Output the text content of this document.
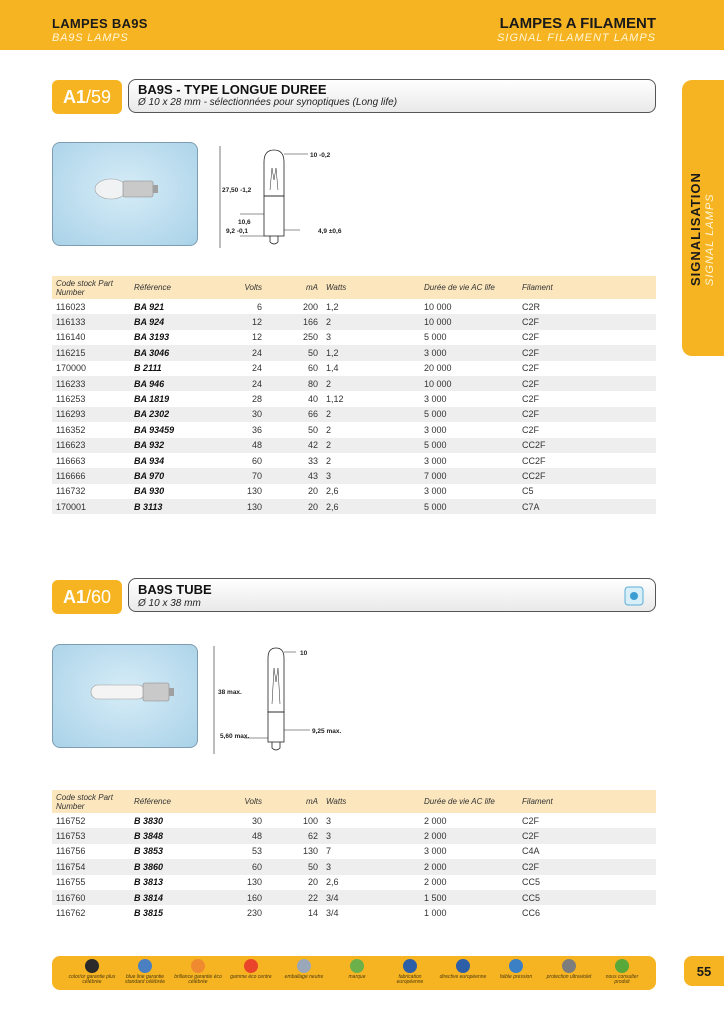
LAMPES BA9S
BA9S LAMPS
LAMPES A FILAMENT
SIGNAL FILAMENT LAMPS
SIGNALISATION SIGNAL LAMPS
A1 /59 BA9S - TYPE LONGUE DUREE
Ø 10 x 28 mm - sélectionnées pour synoptiques (Long life)
10 -0,2
27,50 -1,2
10,6
9,2 -0,1	4,9 ±0,6
Code stock Part Number	Référence	Volts	mA	Watts	Durée de vie AC life	Filament
116023	BA 921	6	200	1,2	10 000	C2R
116133	BA 924	12	166	2	10 000	C2F
116140	BA 3193	12	250	3	5 000	C2F
116215	BA 3046	24	50	1,2	3 000	C2F
170000	B 2111	24	60	1,4	20 000	C2F
116233	BA 946	24	80	2	10 000	C2F
116253	BA 1819	28	40	1,12	3 000	C2F
116293	BA 2302	30	66	2	5 000	C2F
116352	BA 93459	36	50	2	3 000	C2F
116623	BA 932	48	42	2	5 000	CC2F
116663	BA 934	60	33	2	3 000	CC2F
116666	BA 970	70	43	3	7 000	CC2F
116732	BA 930	130	20	2,6	3 000	C5
170001	B 3113	130	20	2,6	5 000	C7A
A1 /60 BA9S TUBE
Ø 10 x 38 mm
10
38 max.
5,60 max.
9,25 max.
Code stock Part Number	Référence	Volts	mA	Watts	Durée de vie AC life	Filament
116752	B 3830	30	100	3	2 000	C2F
116753	B 3848	48	62	3	2 000	C2F
116756	B 3853	53	130	7	3 000	C4A
116754	B 3860	60	50	3	2 000	C2F
116755	B 3813	130	20	2,6	2 000	CC5
116760	B 3814	160	22	3/4	1 500	CC5
116762	B 3815	230	14	3/4	1 000	CC6
color/or garantie plus célébrée
blue line garantie standard célébrée
brillance garantie éco célébrée
gamme éco centre	emballage neutre	marque	fabrication européenne
directive européenne	faible pression	protection ultraviolet	nous consulter produit
55
